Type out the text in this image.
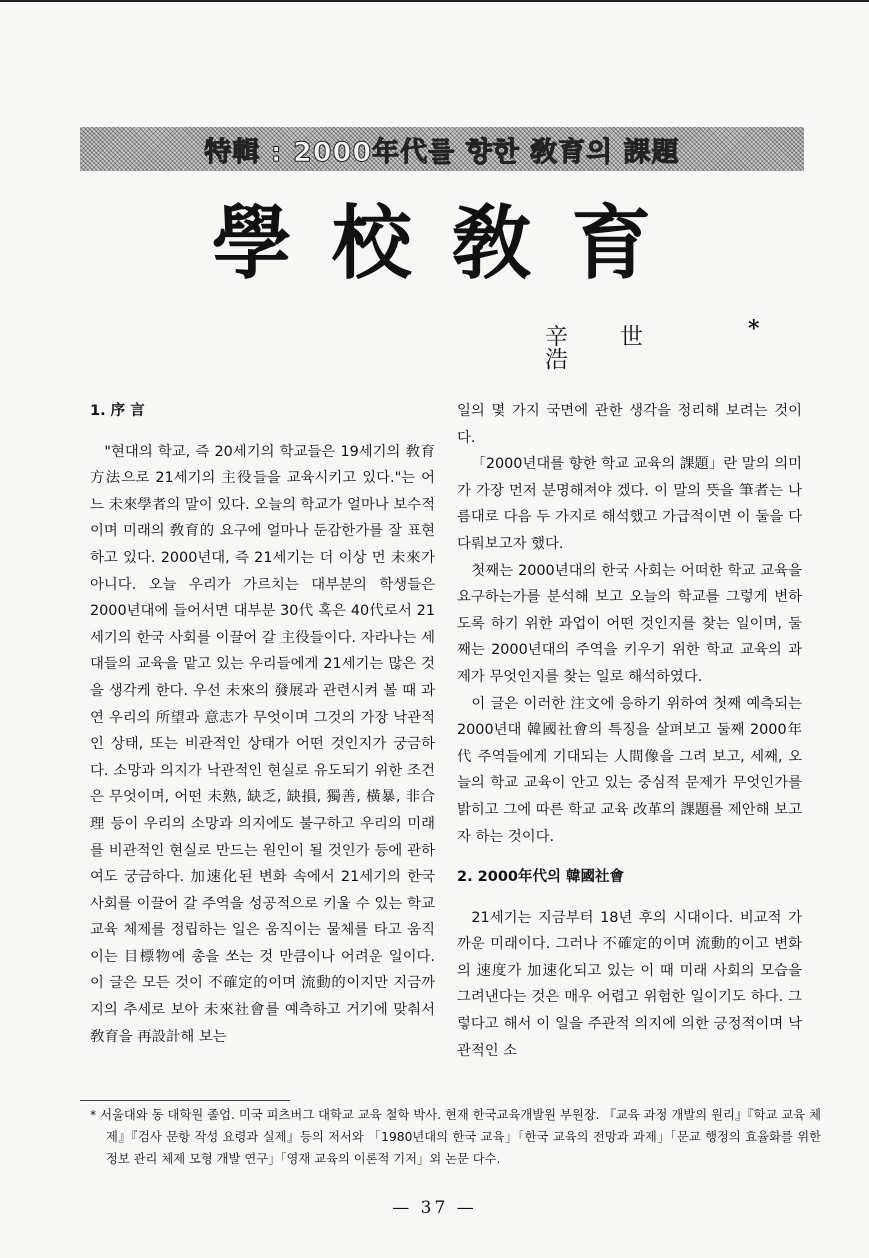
特輯 : 2000年代를 향한 敎育의 課題
學 校 敎 育
辛世浩
*

1. 序 言

"현대의 학교, 즉 20세기의 학교들은 19세기의 敎育方法으로 21세기의 主役들을 교육시키고 있다."는 어느 未來學者의 말이 있다. 오늘의 학교가 얼마나 보수적이며 미래의 敎育的 요구에 얼마나 둔감한가를 잘 표현하고 있다. 2000년대, 즉 21세기는 더 이상 먼 未來가 아니다. 오늘 우리가 가르치는 대부분의 학생들은 2000년대에 들어서면 대부분 30代 혹은 40代로서 21세기의 한국 사회를 이끌어 갈 主役들이다. 자라나는 세대들의 교육을 맡고 있는 우리들에게 21세기는 많은 것을 생각케 한다. 우선 未來의 發展과 관련시켜 볼 때 과연 우리의 所望과 意志가 무엇이며 그것의 가장 낙관적인 상태, 또는 비관적인 상태가 어떤 것인지가 궁금하다. 소망과 의지가 낙관적인 현실로 유도되기 위한 조건은 무엇이며, 어떤 未熟, 缺乏, 缺損, 獨善, 橫暴, 非合理 등이 우리의 소망과 의지에도 불구하고 우리의 미래를 비관적인 현실로 만드는 원인이 될 것인가 등에 관하여도 궁금하다. 加速化된 변화 속에서 21세기의 한국 사회를 이끌어 갈 주역을 성공적으로 키울 수 있는 학교 교육 체제를 정립하는 일은 움직이는 물체를 타고 움직이는 目標物에 총을 쏘는 것 만큼이나 어려운 일이다. 이 글은 모든 것이 不確定的이며 流動的이지만 지금까지의 추세로 보아 未來社會를 예측하고 거기에 맞춰서 敎育을 再設計해 보는

일의 몇 가지 국면에 관한 생각을 정리해 보려는 것이다.

「2000년대를 향한 학교 교육의 課題」란 말의 의미가 가장 먼저 분명해져야 겠다. 이 말의 뜻을 筆者는 나름대로 다음 두 가지로 해석했고 가급적이면 이 둘을 다 다뤄보고자 했다.

첫째는 2000년대의 한국 사회는 어떠한 학교 교육을 요구하는가를 분석해 보고 오늘의 학교를 그렇게 변하도록 하기 위한 과업이 어떤 것인지를 찾는 일이며, 둘째는 2000년대의 주역을 키우기 위한 학교 교육의 과제가 무엇인지를 찾는 일로 해석하였다.

이 글은 이러한 注文에 응하기 위하여 첫째 예측되는 2000년대 韓國社會의 특징을 살펴보고 둘째 2000年代 주역들에게 기대되는 人間像을 그려 보고, 세째, 오늘의 학교 교육이 안고 있는 중심적 문제가 무엇인가를 밝히고 그에 따른 학교 교육 改革의 課題를 제안해 보고자 하는 것이다.

2. 2000年代의 韓國社會

21세기는 지금부터 18년 후의 시대이다. 비교적 가까운 미래이다. 그러나 不確定的이며 流動的이고 변화의 速度가 加速化되고 있는 이 때 미래 사회의 모습을 그려낸다는 것은 매우 어렵고 위험한 일이기도 하다. 그렇다고 해서 이 일을 주관적 의지에 의한 긍정적이며 낙관적인 소

* 서울대와 동 대학원 졸업. 미국 피츠버그 대학교 교육 철학 박사. 현재 한국교육개발원 부원장. 『교육 과정 개발의 원리』『학교 교육 체제』『검사 문항 작성 요령과 실제』등의 저서와 「1980년대의 한국 교육」「한국 교육의 전망과 과제」「문교 행정의 효율화를 위한 정보 관리 체제 모형 개발 연구」「영재 교육의 이론적 기저」외 논문 다수.
— 37 —
